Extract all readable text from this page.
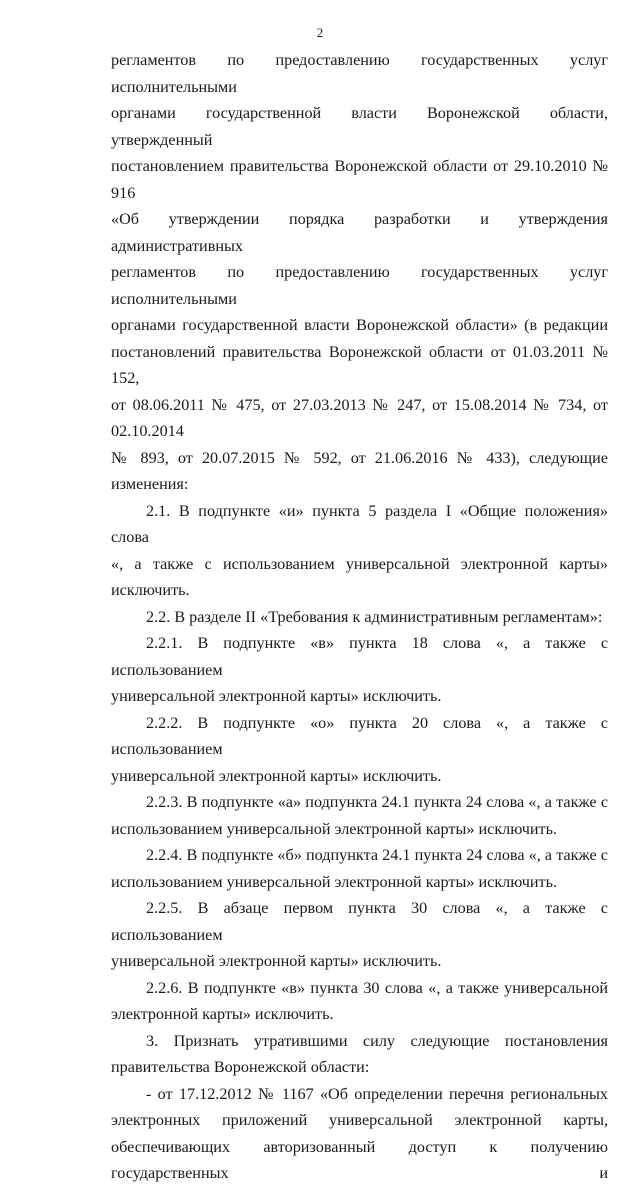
2
регламентов по предоставлению государственных услуг исполнительными
органами государственной власти Воронежской области, утвержденный
постановлением правительства Воронежской области от 29.10.2010 № 916
«Об утверждении порядка разработки и утверждения административных
регламентов по предоставлению государственных услуг исполнительными
органами государственной власти Воронежской области» (в редакции
постановлений правительства Воронежской области от 01.03.2011 № 152,
от 08.06.2011 № 475, от 27.03.2013 № 247, от 15.08.2014 № 734, от 02.10.2014
№ 893, от 20.07.2015 № 592, от 21.06.2016 № 433), следующие изменения:
2.1. В подпункте «и» пункта 5 раздела I «Общие положения» слова
«, а также с использованием универсальной электронной карты» исключить.
2.2. В разделе II «Требования к административным регламентам»:
2.2.1. В подпункте «в» пункта 18 слова «, а также с использованием
универсальной электронной карты» исключить.
2.2.2. В подпункте «о» пункта 20 слова «, а также с использованием
универсальной электронной карты» исключить.
2.2.3. В подпункте «а» подпункта 24.1 пункта 24 слова «, а также с
использованием универсальной электронной карты» исключить.
2.2.4. В подпункте «б» подпункта 24.1 пункта 24 слова «, а также с
использованием универсальной электронной карты» исключить.
2.2.5. В абзаце первом пункта 30 слова «, а также с использованием
универсальной электронной карты» исключить.
2.2.6. В подпункте «в» пункта 30 слова «, а также универсальной
электронной карты» исключить.
3. Признать утратившими силу следующие постановления
правительства Воронежской области:
- от 17.12.2012 № 1167 «Об определении перечня региональных
электронных приложений универсальной электронной карты,
обеспечивающих авторизованный доступ к получению государственных и
